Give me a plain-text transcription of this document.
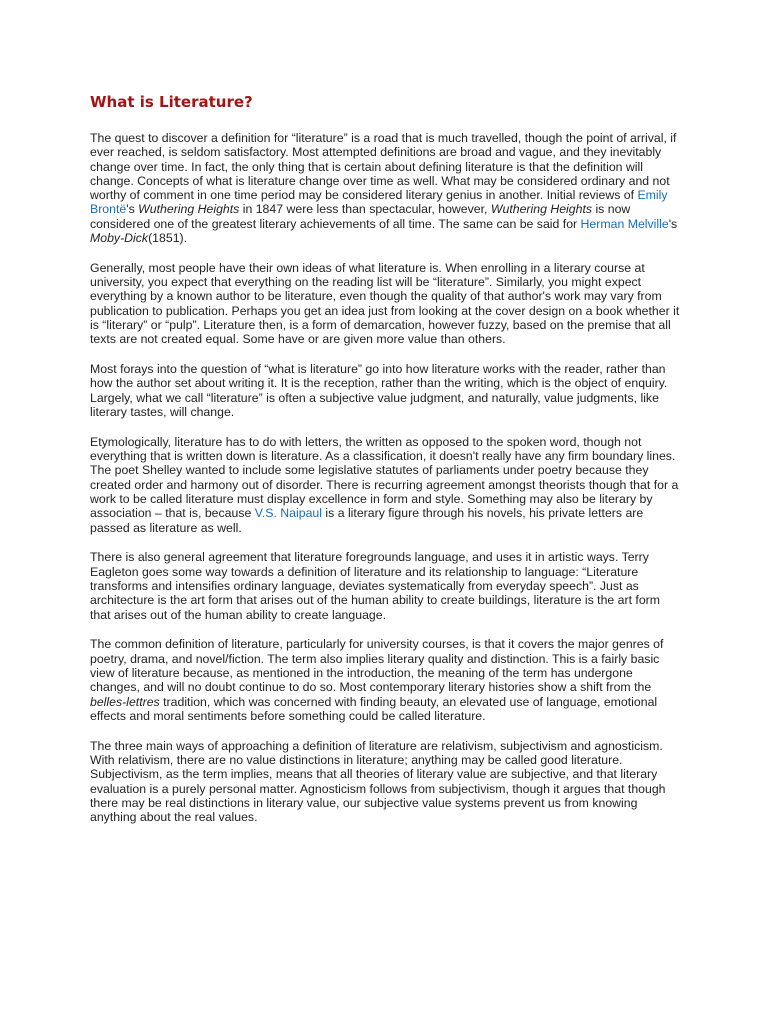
What is Literature?

The quest to discover a definition for “literature” is a road that is much travelled, though the point of arrival, if ever reached, is seldom satisfactory. Most attempted definitions are broad and vague, and they inevitably change over time. In fact, the only thing that is certain about defining literature is that the definition will change. Concepts of what is literature change over time as well. What may be considered ordinary and not worthy of comment in one time period may be considered literary genius in another. Initial reviews of Emily Brontë's Wuthering Heights in 1847 were less than spectacular, however, Wuthering Heights is now considered one of the greatest literary achievements of all time. The same can be said for Herman Melville's Moby-Dick(1851).

Generally, most people have their own ideas of what literature is. When enrolling in a literary course at university, you expect that everything on the reading list will be “literature”. Similarly, you might expect everything by a known author to be literature, even though the quality of that author's work may vary from publication to publication. Perhaps you get an idea just from looking at the cover design on a book whether it is “literary” or “pulp”. Literature then, is a form of demarcation, however fuzzy, based on the premise that all texts are not created equal. Some have or are given more value than others.

Most forays into the question of “what is literature” go into how literature works with the reader, rather than how the author set about writing it. It is the reception, rather than the writing, which is the object of enquiry. Largely, what we call “literature” is often a subjective value judgment, and naturally, value judgments, like literary tastes, will change.

Etymologically, literature has to do with letters, the written as opposed to the spoken word, though not everything that is written down is literature. As a classification, it doesn't really have any firm boundary lines. The poet Shelley wanted to include some legislative statutes of parliaments under poetry because they created order and harmony out of disorder. There is recurring agreement amongst theorists though that for a work to be called literature must display excellence in form and style. Something may also be literary by association – that is, because V.S. Naipaul is a literary figure through his novels, his private letters are passed as literature as well.

There is also general agreement that literature foregrounds language, and uses it in artistic ways. Terry Eagleton goes some way towards a definition of literature and its relationship to language: “Literature transforms and intensifies ordinary language, deviates systematically from everyday speech”. Just as architecture is the art form that arises out of the human ability to create buildings, literature is the art form that arises out of the human ability to create language.

The common definition of literature, particularly for university courses, is that it covers the major genres of poetry, drama, and novel/fiction. The term also implies literary quality and distinction. This is a fairly basic view of literature because, as mentioned in the introduction, the meaning of the term has undergone changes, and will no doubt continue to do so. Most contemporary literary histories show a shift from the belles-lettres tradition, which was concerned with finding beauty, an elevated use of language, emotional effects and moral sentiments before something could be called literature.

The three main ways of approaching a definition of literature are relativism, subjectivism and agnosticism. With relativism, there are no value distinctions in literature; anything may be called good literature. Subjectivism, as the term implies, means that all theories of literary value are subjective, and that literary evaluation is a purely personal matter. Agnosticism follows from subjectivism, though it argues that though there may be real distinctions in literary value, our subjective value systems prevent us from knowing anything about the real values.
